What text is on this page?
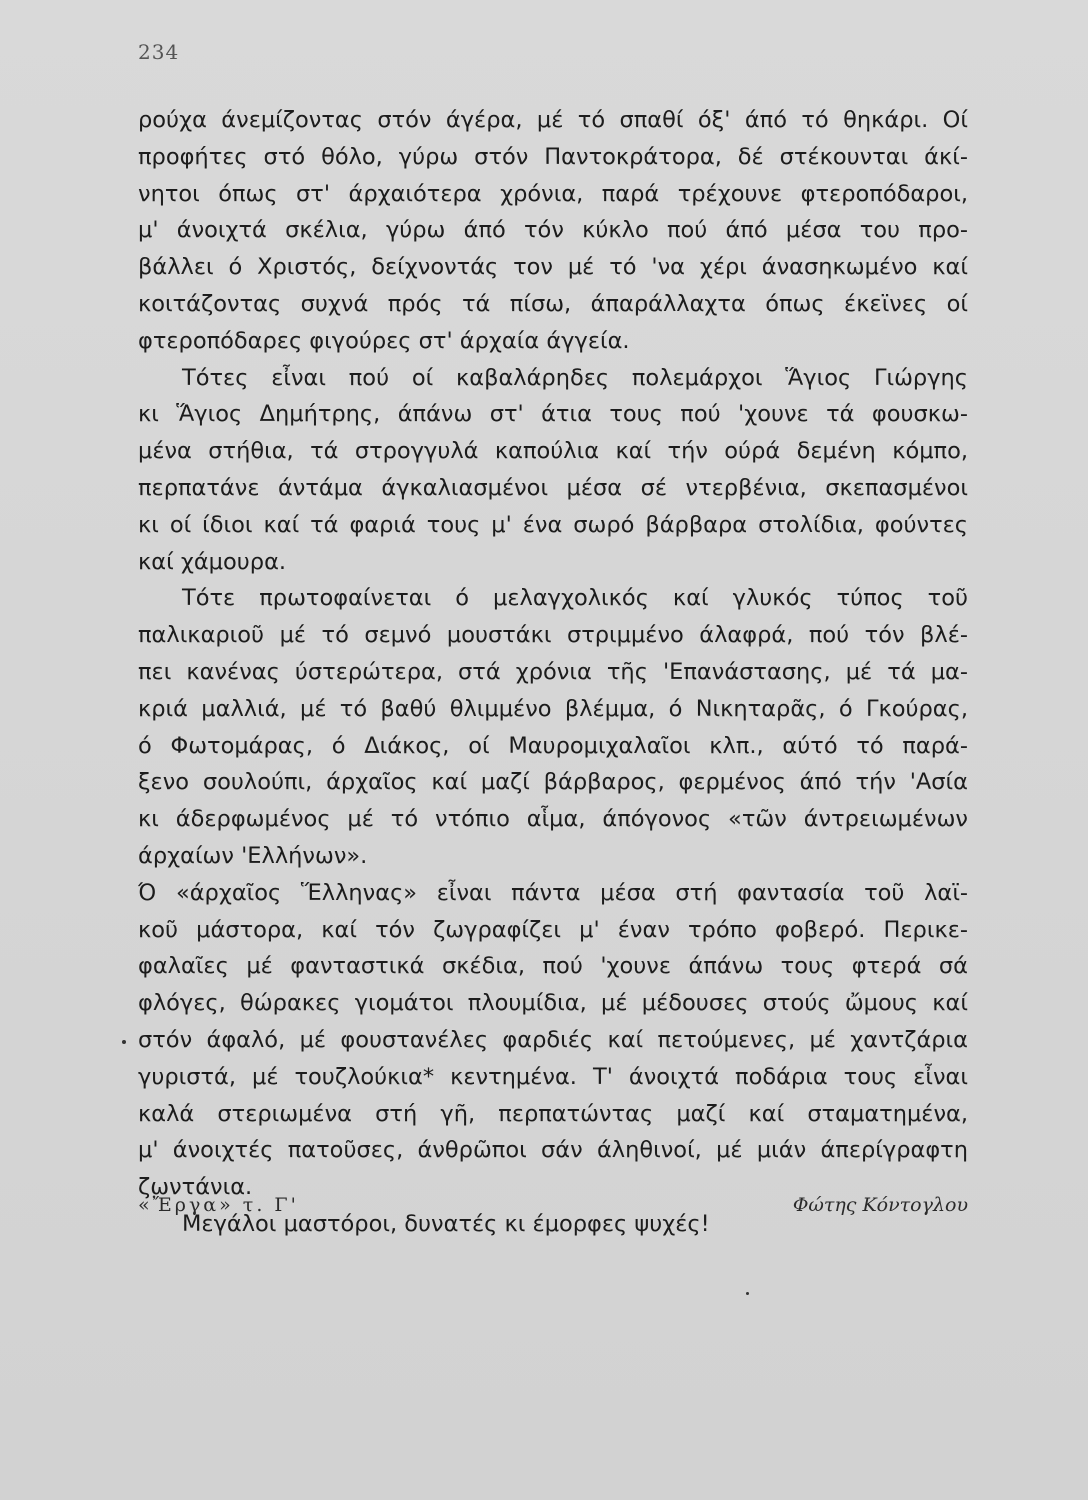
234
ρούχα άνεμίζοντας στόν άγέρα, μέ τό σπαθί όξ' άπό τό θηκάρι. Οί
προφήτες στό θόλο, γύρω στόν Παντοκράτορα, δέ στέκουνται άκί-
νητοι όπως στ' άρχαιότερα χρόνια, παρά τρέχουνε φτεροπόδαροι,
μ' άνοιχτά σκέλια, γύρω άπό τόν κύκλο πού άπό μέσα του προ-
βάλλει ό Χριστός, δείχνοντάς τον μέ τό 'να χέρι άνασηκωμένο καί
κοιτάζοντας συχνά πρός τά πίσω, άπαράλλαχτα όπως έκεϊνες οί
φτεροπόδαρες φιγούρες στ' άρχαία άγγεία.
Τότες εἶναι πού οί καβαλάρηδες πολεμάρχοι Ἅγιος Γιώργης
κι Ἅγιος Δημήτρης, άπάνω στ' άτια τους πού 'χουνε τά φουσκω-
μένα στήθια, τά στρογγυλά καπούλια καί τήν ούρά δεμένη κόμπο,
περπατάνε άντάμα άγκαλιασμένοι μέσα σέ ντερβένια, σκεπασμένοι
κι οί ίδιοι καί τά φαριά τους μ' ένα σωρό βάρβαρα στολίδια, φούντες
καί χάμουρα.
Τότε πρωτοφαίνεται ό μελαγχολικός καί γλυκός τύπος τοῦ
παλικαριοῦ μέ τό σεμνό μουστάκι στριμμένο άλαφρά, πού τόν βλέ-
πει κανένας ύστερώτερα, στά χρόνια τῆς 'Επανάστασης, μέ τά μα-
κριά μαλλιά, μέ τό βαθύ θλιμμένο βλέμμα, ό Νικηταρᾶς, ό Γκούρας,
ό Φωτομάρας, ό Διάκος, οί Μαυρομιχαλαῖοι κλπ., αύτό τό παρά-
ξενο σουλούπι, άρχαῖος καί μαζί βάρβαρος, φερμένος άπό τήν 'Ασία
κι άδερφωμένος μέ τό ντόπιο αἷμα, άπόγονος «τῶν άντρειωμένων
άρχαίων 'Ελλήνων».
Ό «άρχαῖος Ἕλληνας» εἶναι πάντα μέσα στή φαντασία τοῦ λαϊ-
κοῦ μάστορα, καί τόν ζωγραφίζει μ' έναν τρόπο φοβερό. Περικε-
φαλαῖες μέ φανταστικά σκέδια, πού 'χουνε άπάνω τους φτερά σά
φλόγες, θώρακες γιομάτοι πλουμίδια, μέ μέδουσες στούς ὤμους καί
στόν άφαλό, μέ φουστανέλες φαρδιές καί πετούμενες, μέ χαντζάρια
γυριστά, μέ τουζλούκια* κεντημένα. Τ' άνοιχτά ποδάρια τους εἶναι
καλά στεριωμένα στή γῆ, περπατώντας μαζί καί σταματημένα,
μ' άνοιχτές πατοῦσες, άνθρῶποι σάν άληθινοί, μέ μιάν άπερίγραφτη
ζωντάνια.
Μεγάλοι μαστόροι, δυνατές κι έμορφες ψυχές!
«Ἔργα» τ. Γ'	Φώτης Κόντογλου
